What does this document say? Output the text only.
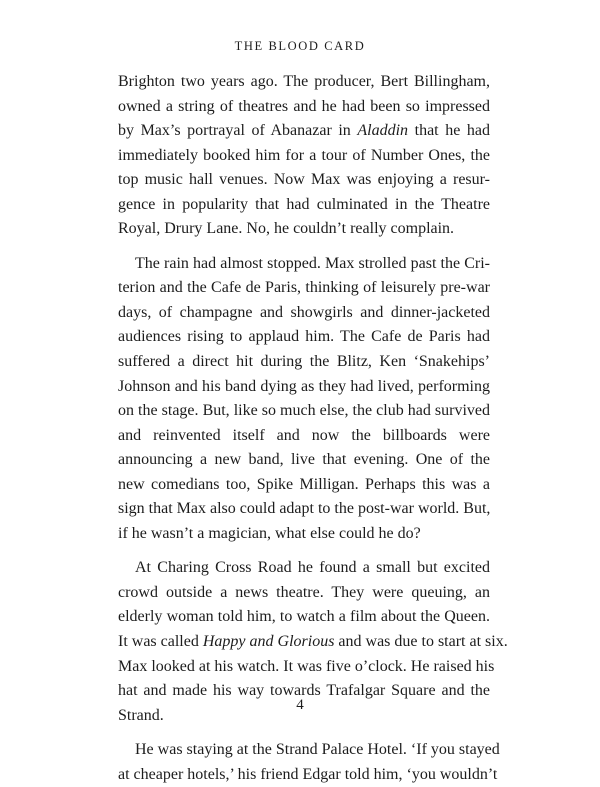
THE BLOOD CARD
Brighton two years ago. The producer, Bert Billingham,
owned a string of theatres and he had been so impressed
by Max’s portrayal of Abanazar in Aladdin that he had
immediately booked him for a tour of Number Ones, the
top music hall venues. Now Max was enjoying a resur-
gence in popularity that had culminated in the Theatre
Royal, Drury Lane. No, he couldn’t really complain.
The rain had almost stopped. Max strolled past the Cri-
terion and the Cafe de Paris, thinking of leisurely pre-war
days, of champagne and showgirls and dinner-jacketed
audiences rising to applaud him. The Cafe de Paris had
suffered a direct hit during the Blitz, Ken ‘Snakehips’
Johnson and his band dying as they had lived, performing
on the stage. But, like so much else, the club had survived
and reinvented itself and now the billboards were
announcing a new band, live that evening. One of the
new comedians too, Spike Milligan. Perhaps this was a
sign that Max also could adapt to the post-war world. But,
if he wasn’t a magician, what else could he do?
At Charing Cross Road he found a small but excited
crowd outside a news theatre. They were queuing, an
elderly woman told him, to watch a film about the Queen.
It was called Happy and Glorious and was due to start at six.
Max looked at his watch. It was five o’clock. He raised his
hat and made his way towards Trafalgar Square and the
Strand.
He was staying at the Strand Palace Hotel. ‘If you stayed
at cheaper hotels,’ his friend Edgar told him, ‘you wouldn’t
4
